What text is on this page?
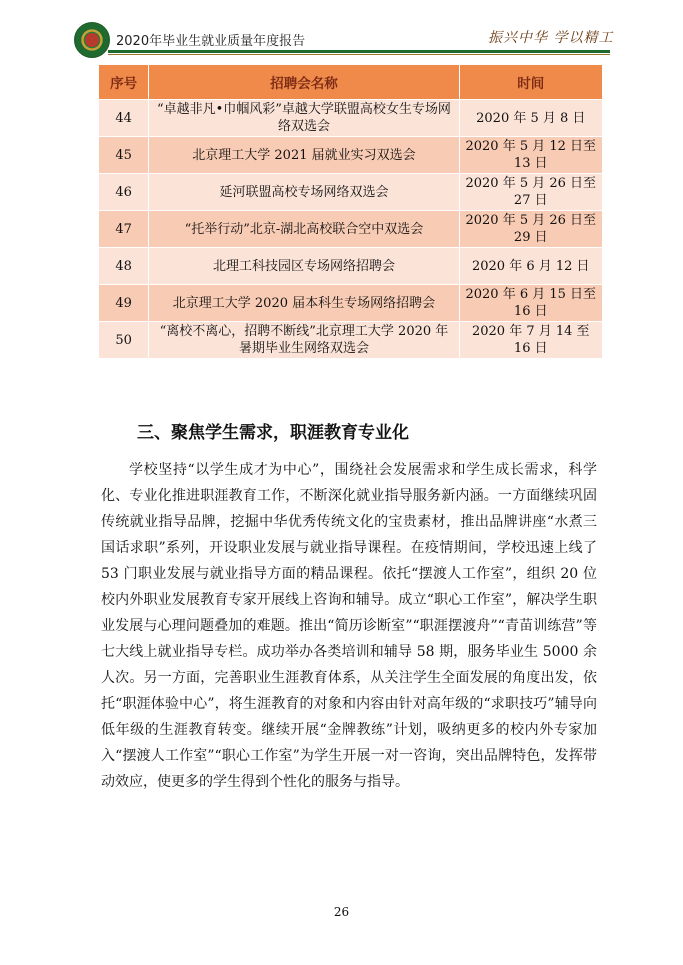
2020年毕业生就业质量年度报告	振兴中华 学以精工
序号	招聘会名称	时间
44	“卓越非凡•巾帼风彩”卓越大学联盟高校女生专场网络双选会	2020 年 5 月 8 日
45	北京理工大学 2021 届就业实习双选会	2020 年 5 月 12 日至 13 日
46	延河联盟高校专场网络双选会	2020 年 5 月 26 日至 27 日
47	“托举行动”北京-湖北高校联合空中双选会	2020 年 5 月 26 日至 29 日
48	北理工科技园区专场网络招聘会	2020 年 6 月 12 日
49	北京理工大学 2020 届本科生专场网络招聘会	2020 年 6 月 15 日至 16 日
50	“离校不离心，招聘不断线”北京理工大学 2020 年暑期毕业生网络双选会	2020 年 7 月 14 至 16 日
三、聚焦学生需求，职涯教育专业化

学校坚持“以学生成才为中心”，围绕社会发展需求和学生成长需求，科学化、专业化推进职涯教育工作，不断深化就业指导服务新内涵。一方面继续巩固传统就业指导品牌，挖掘中华优秀传统文化的宝贵素材，推出品牌讲座“水煮三国话求职”系列，开设职业发展与就业指导课程。在疫情期间，学校迅速上线了 53 门职业发展与就业指导方面的精品课程。依托“摆渡人工作室”，组织 20 位校内外职业发展教育专家开展线上咨询和辅导。成立“职心工作室”，解决学生职业发展与心理问题叠加的难题。推出“简历诊断室”“职涯摆渡舟”“青苗训练营”等七大线上就业指导专栏。成功举办各类培训和辅导 58 期，服务毕业生 5000 余人次。另一方面，完善职业生涯教育体系，从关注学生全面发展的角度出发，依托“职涯体验中心”，将生涯教育的对象和内容由针对高年级的“求职技巧”辅导向低年级的生涯教育转变。继续开展“金牌教练”计划，吸纳更多的校内外专家加入“摆渡人工作室”“职心工作室”为学生开展一对一咨询，突出品牌特色，发挥带动效应，使更多的学生得到个性化的服务与指导。

26
